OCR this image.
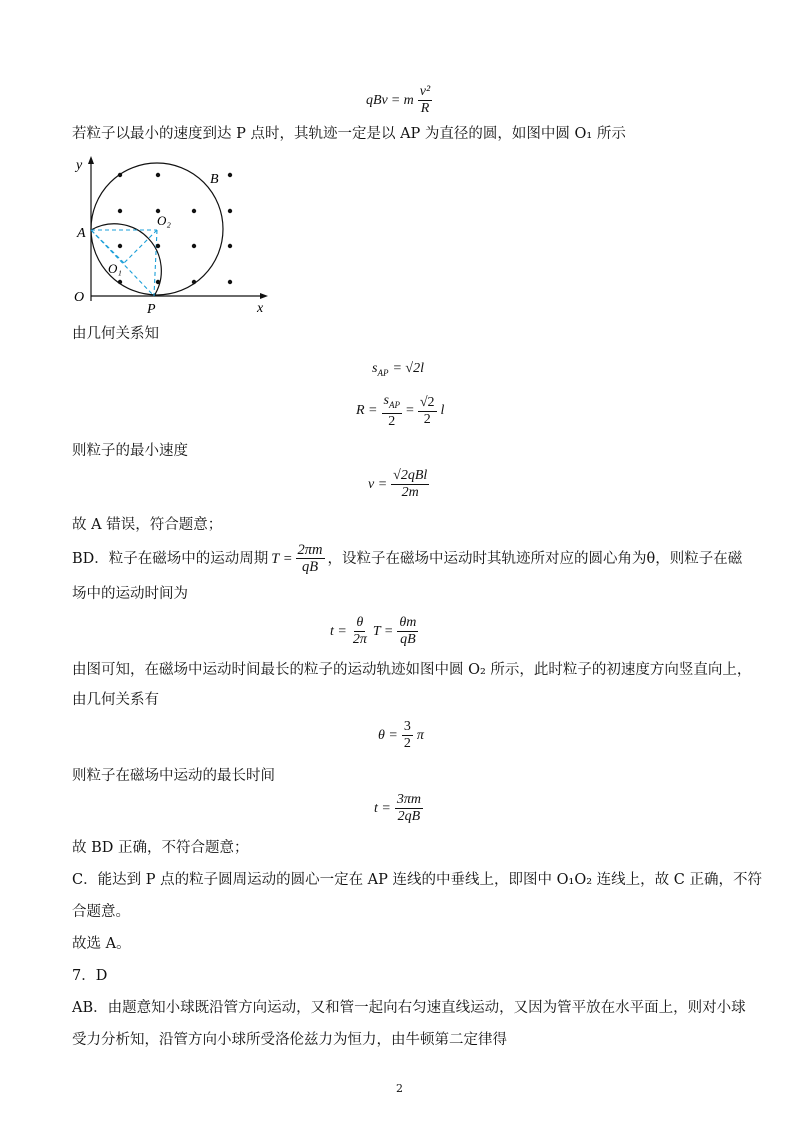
qBv = m $\frac{\text{v²}}{R}$
若粒子以最小的速度到达 P 点时，其轨迹一定是以 AP 为直径的圆，如图中圆 O₁ 所示
y
x
O
A
B
P
O₁
O₂
由几何关系知
$s_{AP} = √2l$
$R = \frac{s_{AP}}{2} = \frac{√2}{2}$ l
则粒子的最小速度
$v = \frac{\text{√2qBl}}{2m}$
故 A 错误，符合题意；
BD．粒子在磁场中的运动周期 $T = \frac{2\pi m}{qB}$ ，设粒子在磁场中运动时其轨迹所对应的圆心角为θ，则粒子在磁
场中的运动时间为
$t = \frac{\theta}{2\pi}$ $T = \frac{\theta m}{qB}$
由图可知，在磁场中运动时间最长的粒子的运动轨迹如图中圆 O₂ 所示，此时粒子的初速度方向竖直向上，
由几何关系有
$\theta = \frac{3}{2}$ π
则粒子在磁场中运动的最长时间
$t = \frac{3\pi m}{2qB}$
故 BD 正确，不符合题意；
C．能达到 P 点的粒子圆周运动的圆心一定在 AP 连线的中垂线上，即图中 O₁O₂ 连线上，故 C 正确，不符
合题意。
故选 A。
7．D
AB．由题意知小球既沿管方向运动，又和管一起向右匀速直线运动，又因为管平放在水平面上，则对小球
受力分析知，沿管方向小球所受洛伦兹力为恒力，由牛顿第二定律得
2
